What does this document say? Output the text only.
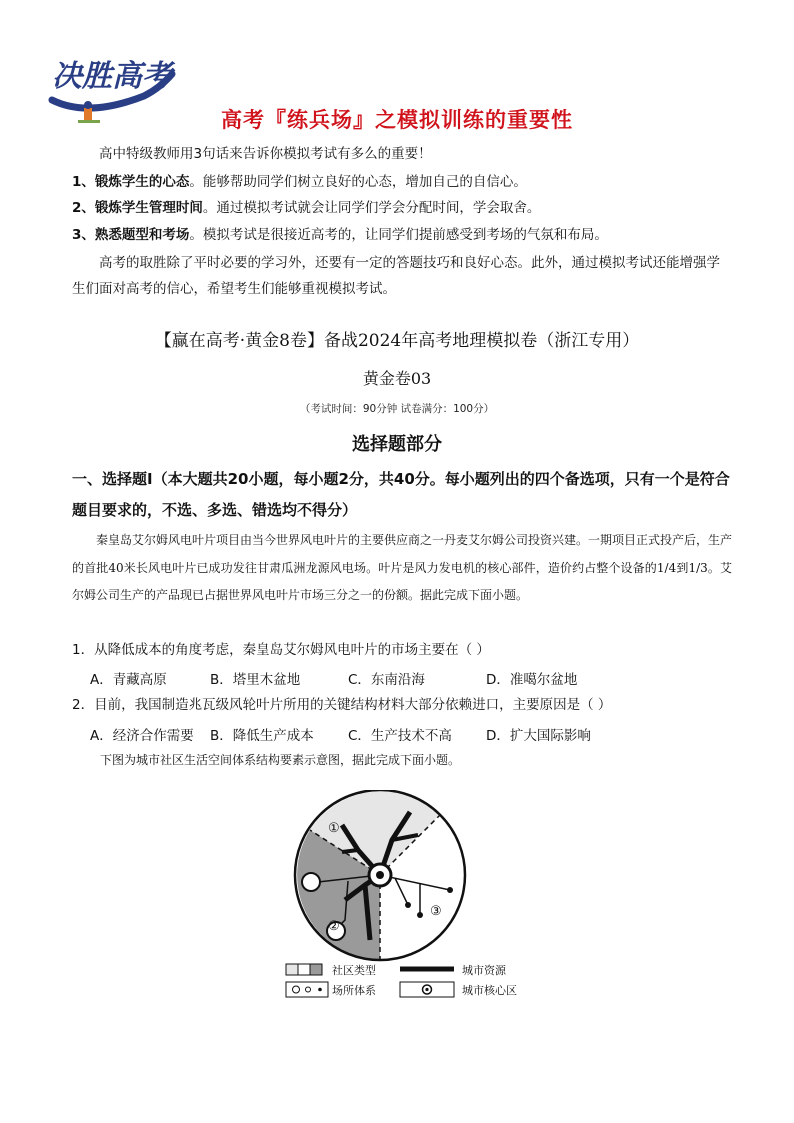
决胜高考
高考『练兵场』之模拟训练的重要性
高中特级教师用3句话来告诉你模拟考试有多么的重要！
1、锻炼学生的心态。能够帮助同学们树立良好的心态，增加自己的自信心。
2、锻炼学生管理时间。通过模拟考试就会让同学们学会分配时间，学会取舍。
3、熟悉题型和考场。模拟考试是很接近高考的，让同学们提前感受到考场的气氛和布局。
高考的取胜除了平时必要的学习外，还要有一定的答题技巧和良好心态。此外，通过模拟考试还能增强学生们面对高考的信心，希望考生们能够重视模拟考试。
【赢在高考·黄金8卷】备战2024年高考地理模拟卷（浙江专用）
黄金卷03
（考试时间：90分钟 试卷满分：100分）
选择题部分
一、选择题Ⅰ（本大题共20小题，每小题2分，共40分。每小题列出的四个备选项，只有一个是符合题目要求的，不选、多选、错选均不得分）
秦皇岛艾尔姆风电叶片项目由当今世界风电叶片的主要供应商之一丹麦艾尔姆公司投资兴建。一期项目正式投产后，生产的首批40米长风电叶片已成功发往甘肃瓜洲龙源风电场。叶片是风力发电机的核心部件，造价约占整个设备的1/4到1/3。艾尔姆公司生产的产品现已占据世界风电叶片市场三分之一的份额。据此完成下面小题。
1．从降低成本的角度考虑，秦皇岛艾尔姆风电叶片的市场主要在（ ）
A．青藏高原	B．塔里木盆地	C．东南沿海	D．准噶尔盆地
2．目前，我国制造兆瓦级风轮叶片所用的关键结构材料大部分依赖进口，主要原因是（ ）
A．经济合作需要 B．降低生产成本	C．生产技术不高	D．扩大国际影响
下图为城市社区生活空间体系结构要素示意图，据此完成下面小题。
①
②
③
社区类型	城市资源
场所体系	城市核心区
